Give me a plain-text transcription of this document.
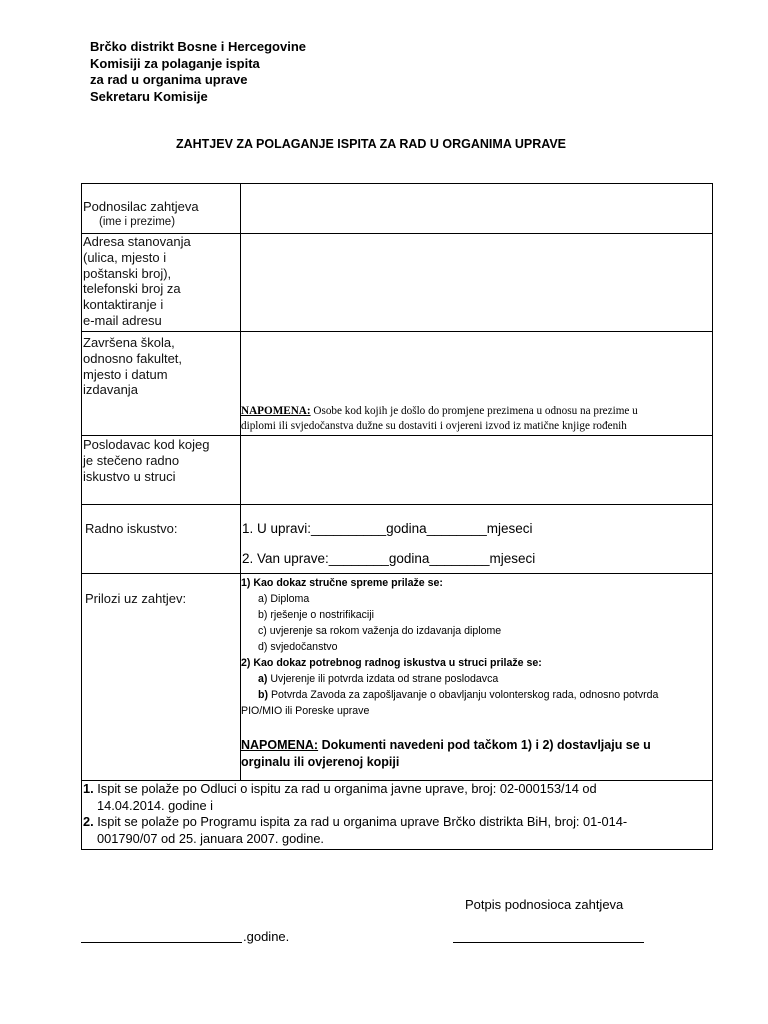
Brčko distrikt Bosne i Hercegovine
Komisiji za polaganje ispita
za rad u organima uprave
Sekretaru Komisije
ZAHTJEV ZA POLAGANJE ISPITA ZA RAD U ORGANIMA UPRAVE
Podnosilac zahtjeva
(ime i prezime)
Adresa stanovanja
(ulica, mjesto i
poštanski broj),
telefonski broj za
kontaktiranje i
e-mail adresu
Završena škola,
odnosno fakultet,
mjesto i datum
izdavanja
NAPOMENA: Osobe kod kojih je došlo do promjene prezimena u odnosu na prezime u
diplomi ili svjedočanstva dužne su dostaviti i ovjereni izvod iz matične knjige rođenih
Poslodavac kod kojeg
je stečeno radno
iskustvo u struci
Radno iskustvo:	1. U upravi:__________godina________mjeseci
2. Van uprave:________godina________mjeseci
Prilozi uz zahtjev:
1) Kao dokaz stručne spreme prilaže se:
a) Diploma
b) rješenje o nostrifikaciji
c) uvjerenje sa rokom važenja do izdavanja diplome
d) svjedočanstvo
2) Kao dokaz potrebnog radnog iskustva u struci prilaže se:
a) Uvjerenje ili potvrda izdata od strane poslodavca
b) Potvrda Zavoda za zapošljavanje o obavljanju volonterskog rada, odnosno potvrda
PIO/MIO ili Poreske uprave
NAPOMENA: Dokumenti navedeni pod tačkom 1) i 2) dostavljaju se u
orginalu ili ovjerenoj kopiji
1. Ispit se polaže po Odluci o ispitu za rad u organima javne uprave, broj: 02-000153/14 od
14.04.2014. godine i
2. Ispit se polaže po Programu ispita za rad u organima uprave Brčko distrikta BiH, broj: 01-014-
001790/07 od 25. januara 2007. godine.
Potpis podnosioca zahtjeva
.godine.
